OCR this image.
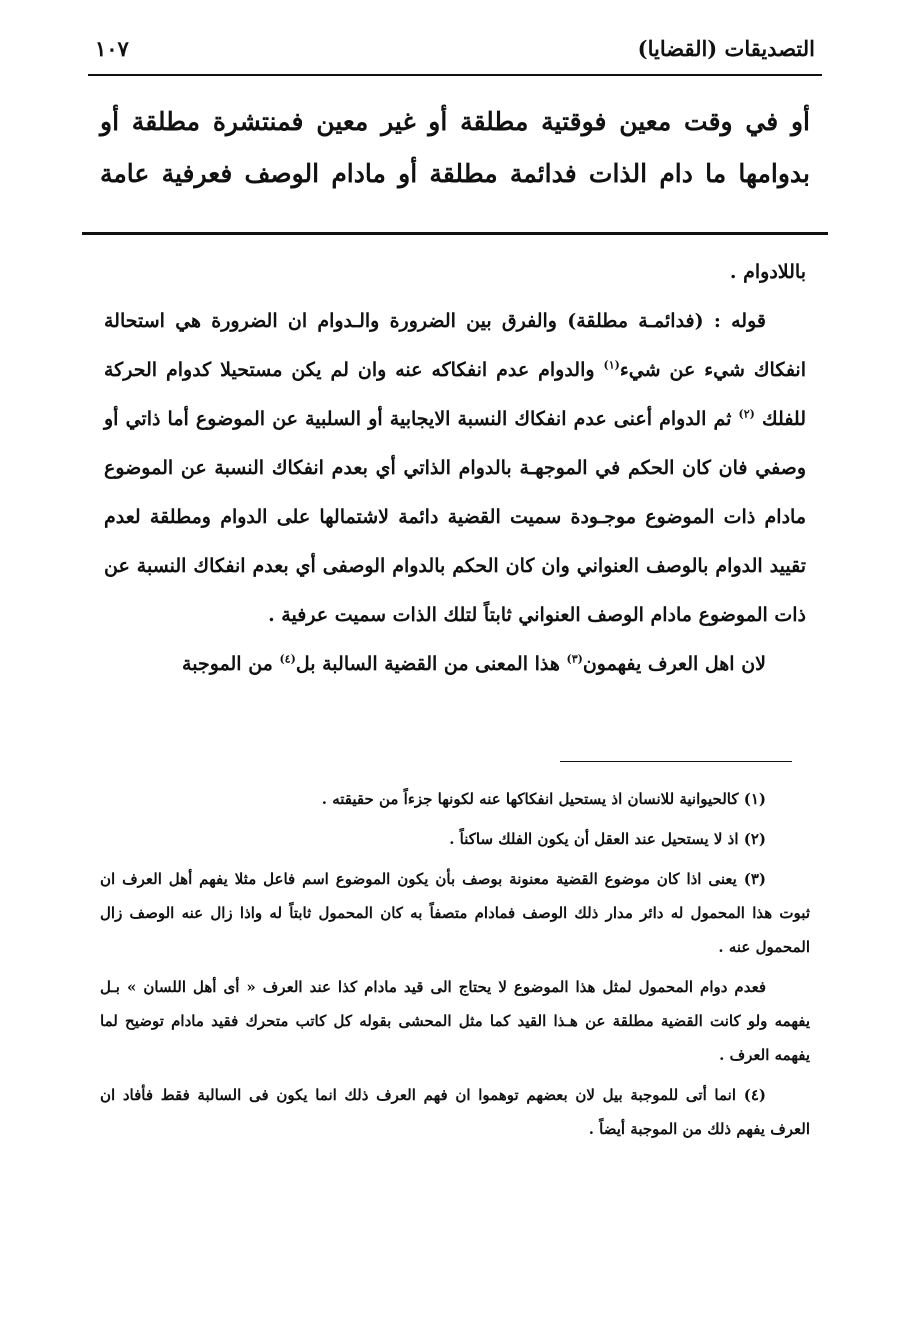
التصديقات (القضايا)
١٠٧
أو في وقت معين فوقتية مطلقة أو غير معين فمنتشرة مطلقة أو بدوامها ما دام الذات فدائمة مطلقة أو مادام الوصف فعرفية عامة

باللادوام .

قوله : (فدائمـة مطلقة) والفرق بين الضرورة والـدوام ان الضرورة هي استحالة انفكاك شيء عن شيء$^{(١)}$ والدوام عدم انفكاكه عنه وان لم يكن مستحيلا كدوام الحركة للفلك $^{(٢)}$ ثم الدوام أعنى عدم انفكاك النسبة الايجابية أو السلبية عن الموضوع أما ذاتي أو وصفي فان كان الحكم في الموجهـة بالدوام الذاتي أي بعدم انفكاك النسبة عن الموضوع مادام ذات الموضوع موجـودة سميت القضية دائمة لاشتمالها على الدوام ومطلقة لعدم تقييد الدوام بالوصف العنواني وان كان الحكم بالدوام الوصفى أي بعدم انفكاك النسبة عن ذات الموضوع مادام الوصف العنواني ثابتاً لتلك الذات سميت عرفية .

لان اهل العرف يفهمون$^{(٣)}$ هذا المعنى من القضية السالبة بل$^{(٤)}$ من الموجبة

(١) كالحيوانية للانسان اذ يستحيل انفكاكها عنه لكونها جزءاً من حقيقته .

(٢) اذ لا يستحيل عند العقل أن يكون الفلك ساكناً .

(٣) يعنى اذا كان موضوع القضية معنونة بوصف بأن يكون الموضوع اسم فاعل مثلا يفهم أهل العرف ان ثبوت هذا المحمول له دائر مدار ذلك الوصف فمادام متصفاً به كان المحمول ثابتاً له واذا زال عنه الوصف زال المحمول عنه .

فعدم دوام المحمول لمثل هذا الموضوع لا يحتاج الى قيد مادام كذا عند العرف « أى أهل اللسان » بـل يفهمه ولو كانت القضية مطلقة عن هـذا القيد كما مثل المحشى بقوله كل كاتب متحرك فقيد مادام توضيح لما يفهمه العرف .

(٤) انما أتى للموجبة بيل لان بعضهم توهموا ان فهم العرف ذلك انما يكون فى السالبة فقط فأفاد ان العرف يفهم ذلك من الموجبة أيضاً .
